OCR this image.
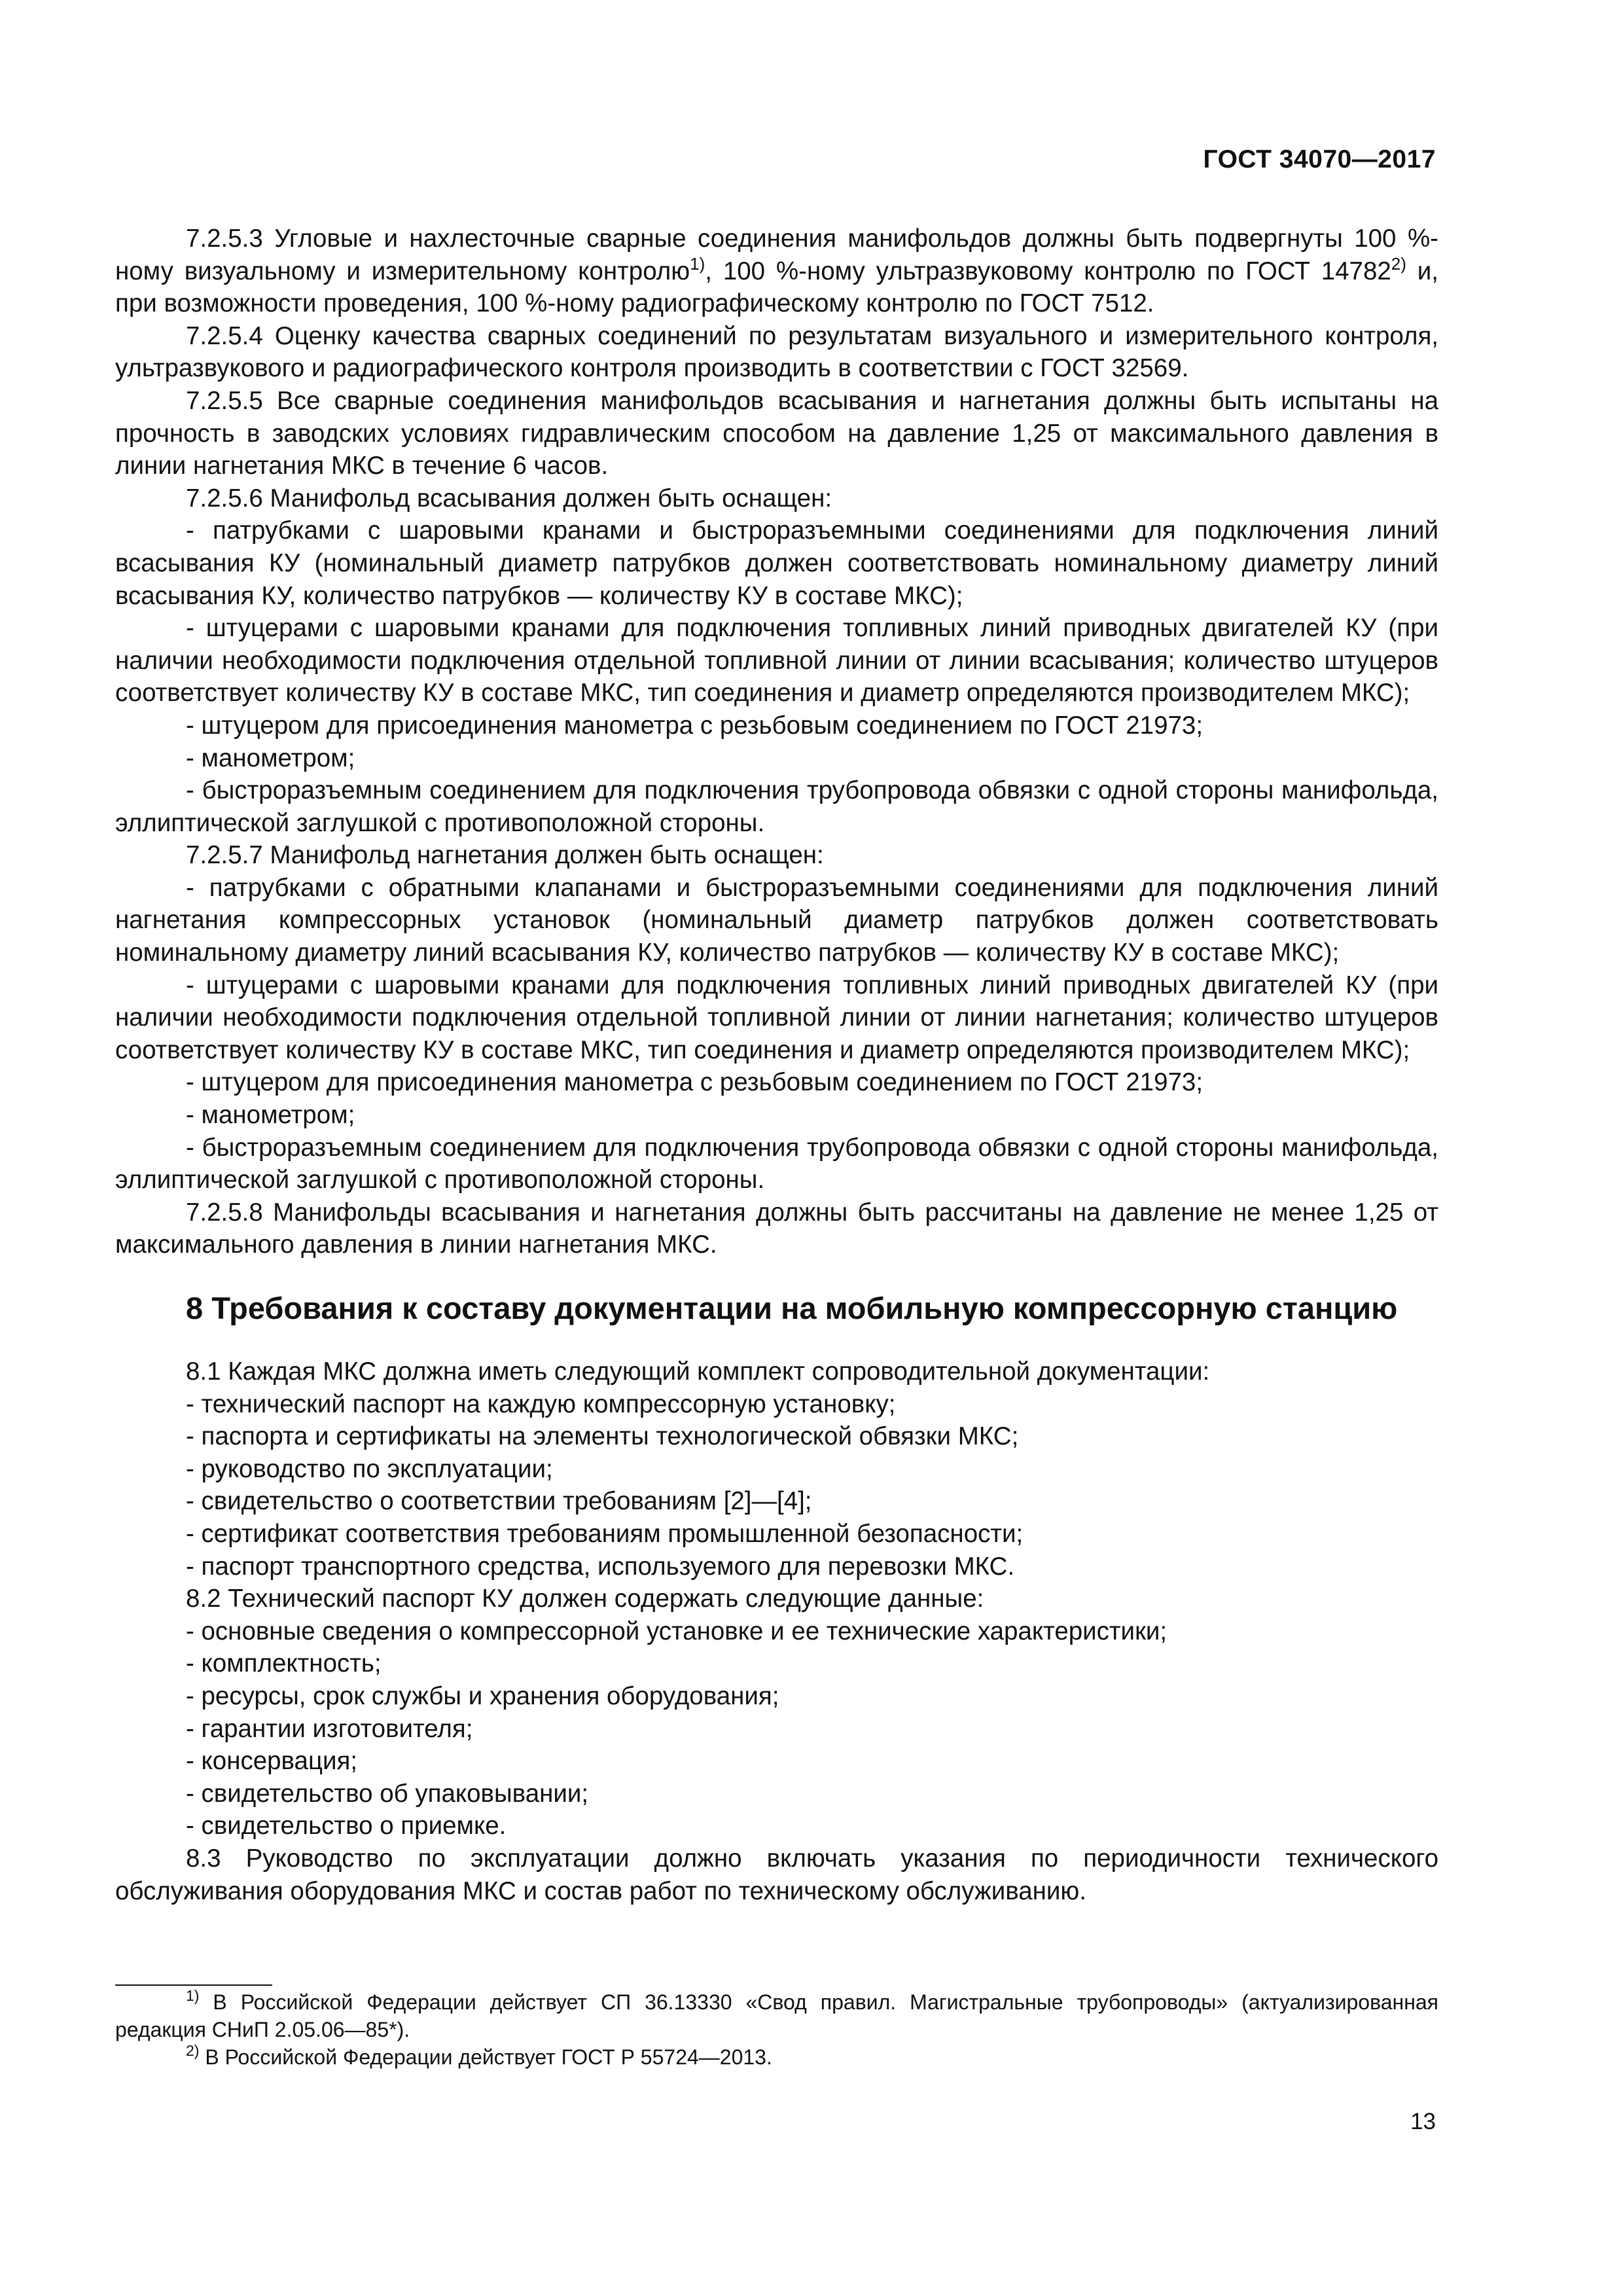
ГОСТ 34070—2017

7.2.5.3 Угловые и нахлесточные сварные соединения манифольдов должны быть подвергнуты 100 %-ному визуальному и измерительному контролю$^{1)}$, 100 %-ному ультразвуковому контролю по ГОСТ 14782$^{2)}$ и, при возможности проведения, 100 %-ному радиографическому контролю по ГОСТ 7512.

7.2.5.4 Оценку качества сварных соединений по результатам визуального и измерительного контроля, ультразвукового и радиографического контроля производить в соответствии с ГОСТ 32569.

7.2.5.5 Все сварные соединения манифольдов всасывания и нагнетания должны быть испытаны на прочность в заводских условиях гидравлическим способом на давление 1,25 от максимального давления в линии нагнетания МКС в течение 6 часов.

7.2.5.6 Манифольд всасывания должен быть оснащен:

- патрубками с шаровыми кранами и быстроразъемными соединениями для подключения линий всасывания КУ (номинальный диаметр патрубков должен соответствовать номинальному диаметру линий всасывания КУ, количество патрубков — количеству КУ в составе МКС);

- штуцерами с шаровыми кранами для подключения топливных линий приводных двигателей КУ (при наличии необходимости подключения отдельной топливной линии от линии всасывания; количество штуцеров соответствует количеству КУ в составе МКС, тип соединения и диаметр определяются производителем МКС);

- штуцером для присоединения манометра с резьбовым соединением по ГОСТ 21973;

- манометром;

- быстроразъемным соединением для подключения трубопровода обвязки с одной стороны манифольда, эллиптической заглушкой с противоположной стороны.

7.2.5.7 Манифольд нагнетания должен быть оснащен:

- патрубками с обратными клапанами и быстроразъемными соединениями для подключения линий нагнетания компрессорных установок (номинальный диаметр патрубков должен соответствовать номинальному диаметру линий всасывания КУ, количество патрубков — количеству КУ в составе МКС);

- штуцерами с шаровыми кранами для подключения топливных линий приводных двигателей КУ (при наличии необходимости подключения отдельной топливной линии от линии нагнетания; количество штуцеров соответствует количеству КУ в составе МКС, тип соединения и диаметр определяются производителем МКС);

- штуцером для присоединения манометра с резьбовым соединением по ГОСТ 21973;

- манометром;

- быстроразъемным соединением для подключения трубопровода обвязки с одной стороны манифольда, эллиптической заглушкой с противоположной стороны.

7.2.5.8 Манифольды всасывания и нагнетания должны быть рассчитаны на давление не менее 1,25 от максимального давления в линии нагнетания МКС.

8 Требования к составу документации на мобильную компрессорную станцию

8.1 Каждая МКС должна иметь следующий комплект сопроводительной документации:

- технический паспорт на каждую компрессорную установку;

- паспорта и сертификаты на элементы технологической обвязки МКС;

- руководство по эксплуатации;

- свидетельство о соответствии требованиям [2]—[4];

- сертификат соответствия требованиям промышленной безопасности;

- паспорт транспортного средства, используемого для перевозки МКС.

8.2 Технический паспорт КУ должен содержать следующие данные:

- основные сведения о компрессорной установке и ее технические характеристики;

- комплектность;

- ресурсы, срок службы и хранения оборудования;

- гарантии изготовителя;

- консервация;

- свидетельство об упаковывании;

- свидетельство о приемке.

8.3 Руководство по эксплуатации должно включать указания по периодичности технического обслуживания оборудования МКС и состав работ по техническому обслуживанию.

$^{1)}$ В Российской Федерации действует СП 36.13330 «Свод правил. Магистральные трубопроводы» (актуализированная редакция СНиП 2.05.06—85*).

$^{2)}$ В Российской Федерации действует ГОСТ Р 55724—2013.

13
